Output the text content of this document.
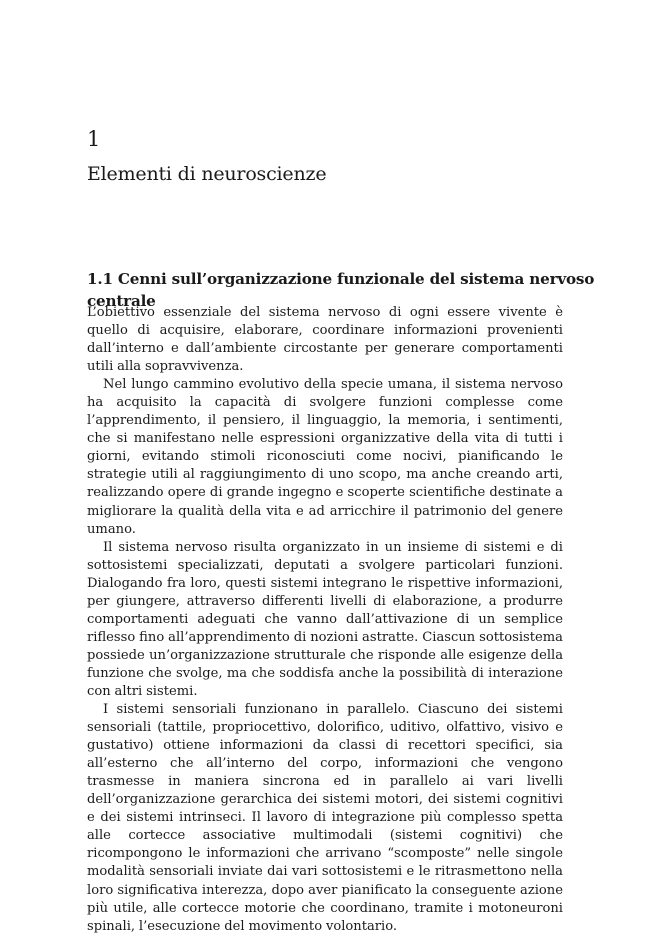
1
Elementi di neuroscienze
1.1 Cenni sull’organizzazione funzionale del sistema nervoso centrale

L’obiettivo essenziale del sistema nervoso di ogni essere vivente è quello di acquisire, elaborare, coordinare informazioni provenienti dall’interno e dall’ambiente circostante per generare comportamenti utili alla sopravvivenza.

Nel lungo cammino evolutivo della specie umana, il sistema nervoso ha acquisito la capacità di svolgere funzioni complesse come l’apprendimento, il pensiero, il linguaggio, la memoria, i sentimenti, che si manifestano nelle espressioni organizzative della vita di tutti i giorni, evitando stimoli riconosciuti come nocivi, pianificando le strategie utili al raggiungimento di uno scopo, ma anche creando arti, realizzando opere di grande ingegno e scoperte scientifiche destinate a migliorare la qualità della vita e ad arricchire il patrimonio del genere umano.

Il sistema nervoso risulta organizzato in un insieme di sistemi e di sottosistemi specializzati, deputati a svolgere particolari funzioni. Dialogando fra loro, questi sistemi integrano le rispettive informazioni, per giungere, attraverso differenti livelli di elaborazione, a produrre comportamenti adeguati che vanno dall’attivazione di un semplice riflesso fino all’apprendimento di nozioni astratte. Ciascun sottosistema possiede un’organizzazione strutturale che risponde alle esigenze della funzione che svolge, ma che soddisfa anche la possibilità di interazione con altri sistemi.

I sistemi sensoriali funzionano in parallelo. Ciascuno dei sistemi sensoriali (tattile, propriocettivo, dolorifico, uditivo, olfattivo, visivo e gustativo) ottiene informazioni da classi di recettori specifici, sia all’esterno che all’interno del corpo, informazioni che vengono trasmesse in maniera sincrona ed in parallelo ai vari livelli dell’organizzazione gerarchica dei sistemi motori, dei sistemi cognitivi e dei sistemi intrinseci. Il lavoro di integrazione più complesso spetta alle cortecce associative multimodali (sistemi cognitivi) che ricompongono le informazioni che arrivano “scomposte” nelle singole modalità sensoriali inviate dai vari sottosistemi e le ritrasmettono nella loro significativa interezza, dopo aver pianificato la conseguente azione più utile, alle cortecce motorie che coordinano, tramite i motoneuroni spinali, l’esecuzione del movimento volontario.
